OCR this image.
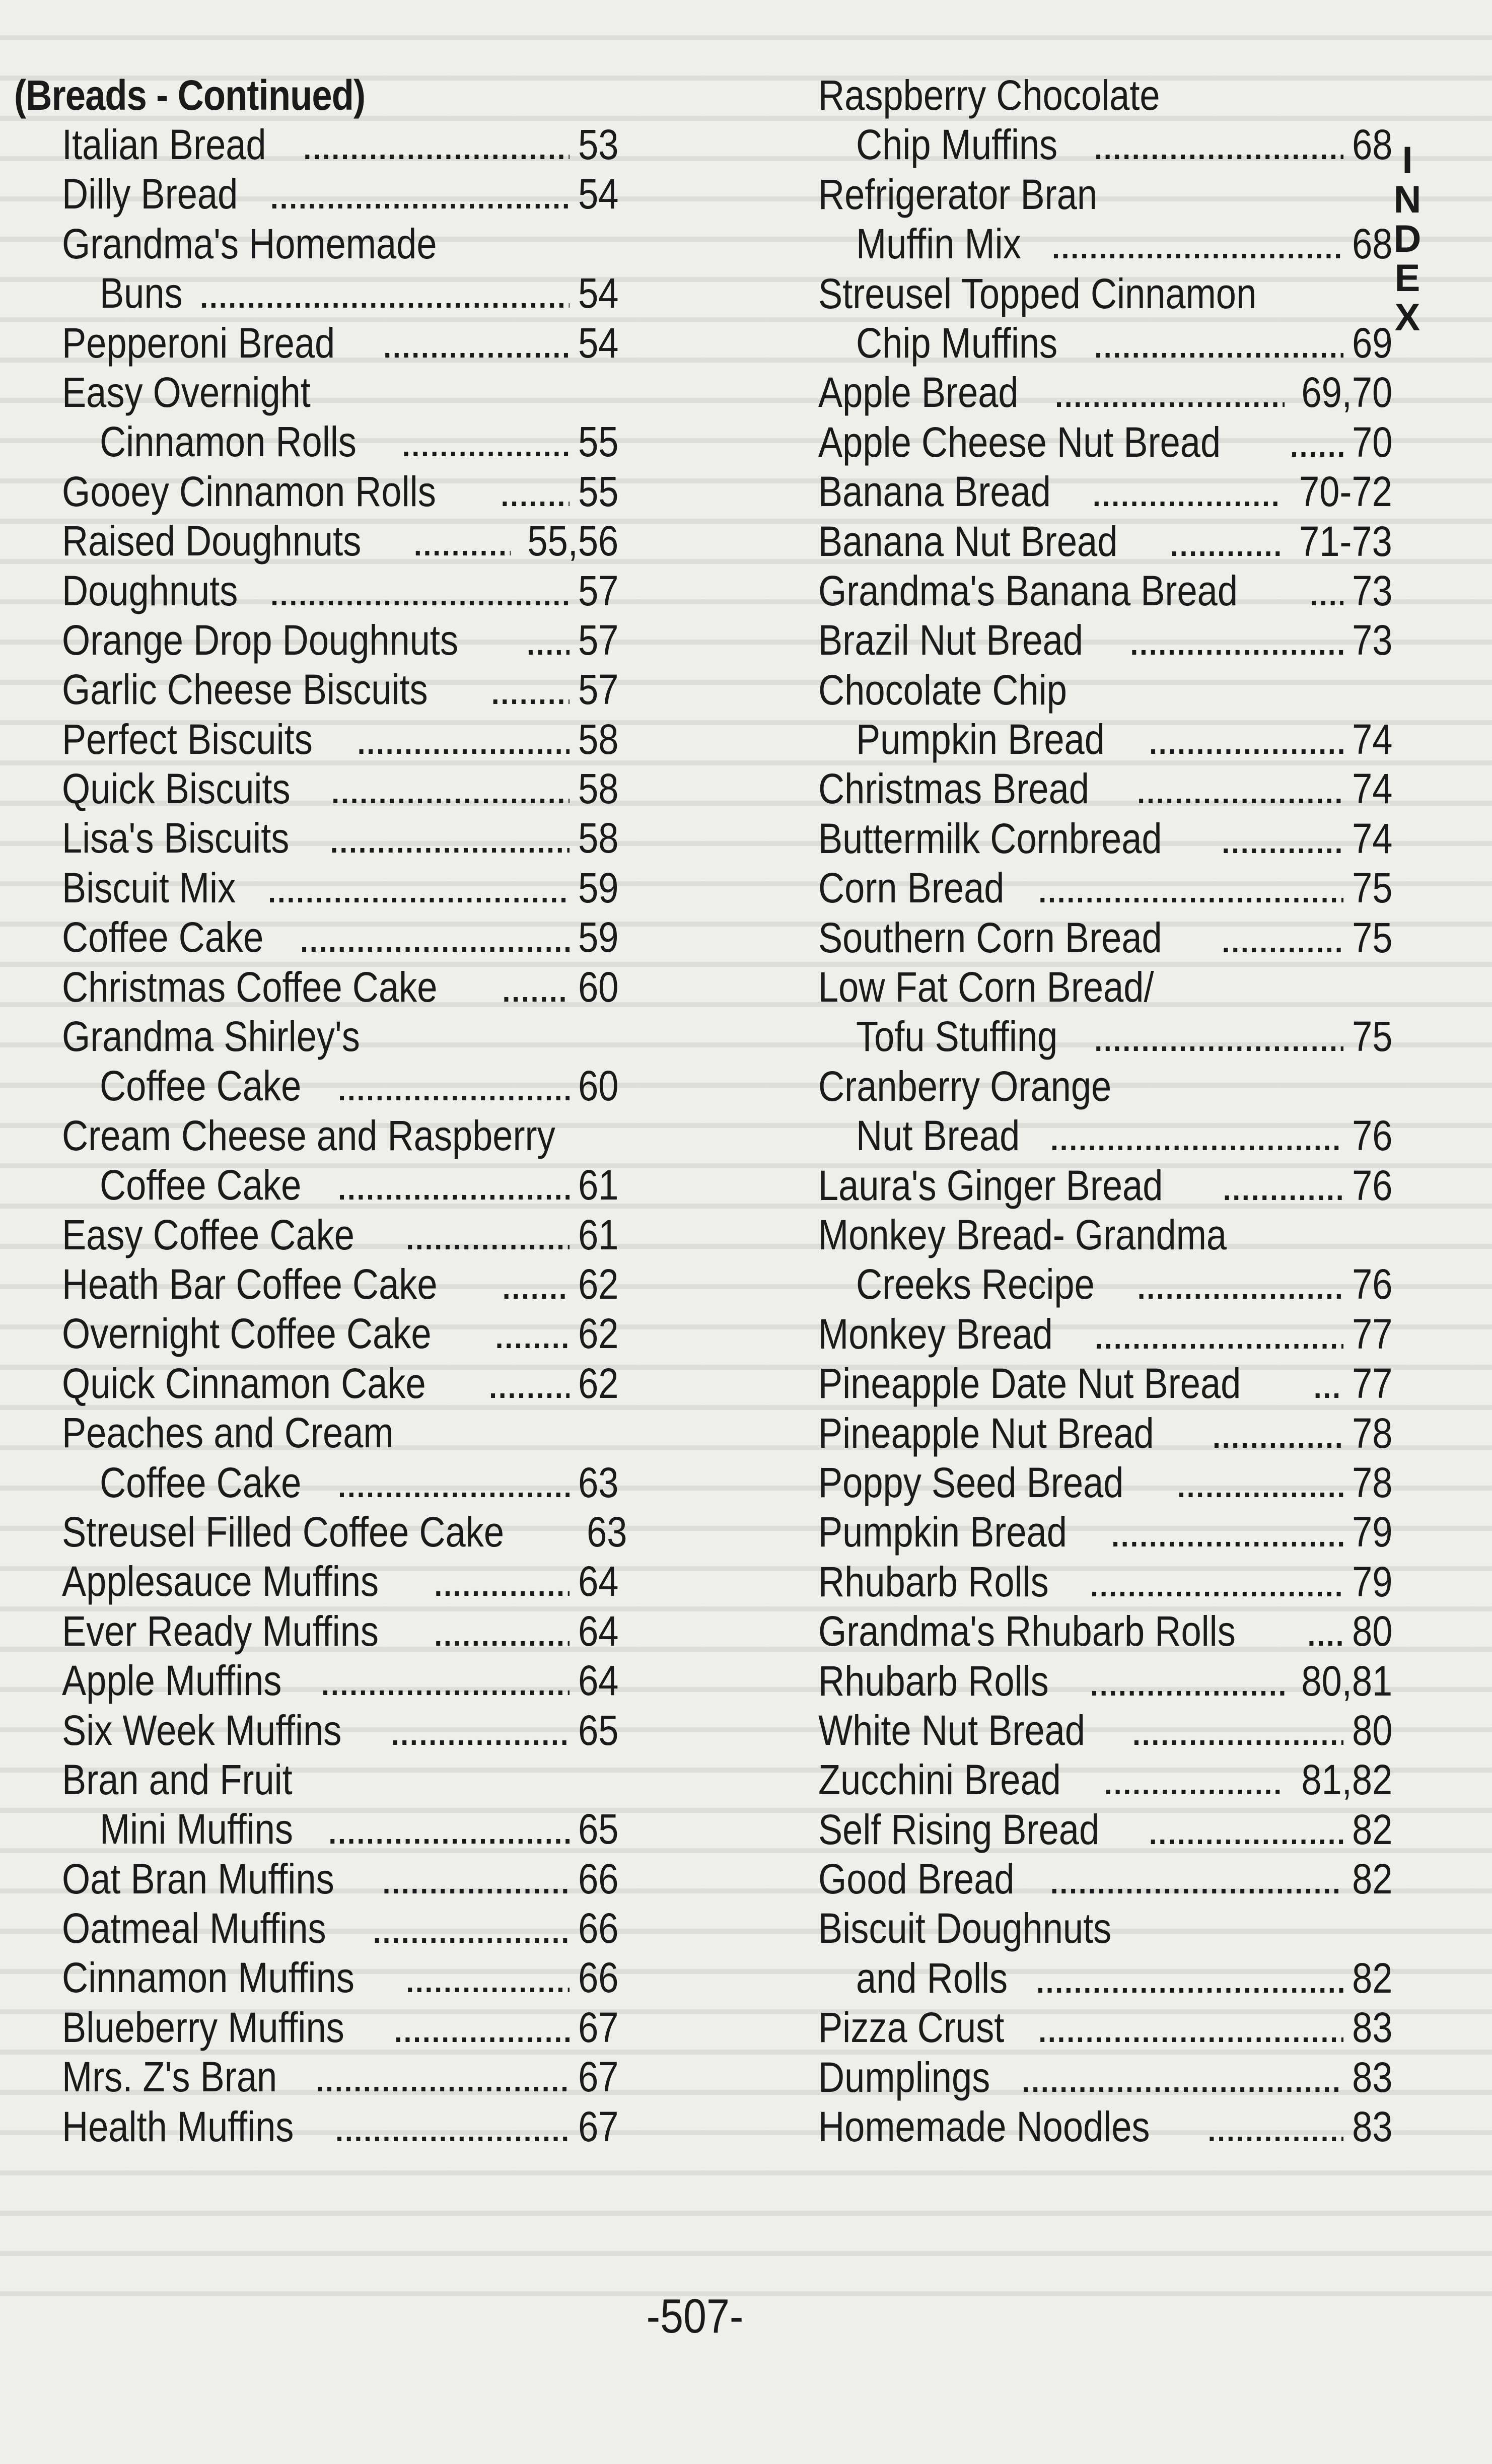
(Breads - Continued)
Italian Bread . . .	53
Dilly Bread . . .	54
Grandma's Homemade
Buns . . .	54
Pepperoni Bread . . .	54
Easy Overnight
Cinnamon Rolls . . .	55
Gooey Cinnamon Rolls . . .	55
Raised Doughnuts . . .	55,56
Doughnuts . . .	57
Orange Drop Doughnuts . . .	57
Garlic Cheese Biscuits . . .	57
Perfect Biscuits . . .	58
Quick Biscuits . . .	58
Lisa's Biscuits . . .	58
Biscuit Mix . . .	59
Coffee Cake . . .	59
Christmas Coffee Cake . . .	60
Grandma Shirley's
Coffee Cake . . .	60
Cream Cheese and Raspberry
Coffee Cake . . .	61
Easy Coffee Cake . . .	61
Heath Bar Coffee Cake . . .	62
Overnight Coffee Cake . . .	62
Quick Cinnamon Cake . . .	62
Peaches and Cream
Coffee Cake . . .	63
Streusel Filled Coffee Cake 63
Applesauce Muffins . . .	64
Ever Ready Muffins . . .	64
Apple Muffins . . .	64
Six Week Muffins . . .	65
Bran and Fruit
Mini Muffins . . .	65
Oat Bran Muffins . . .	66
Oatmeal Muffins . . .	66
Cinnamon Muffins . . .	66
Blueberry Muffins . . .	67
Mrs. Z's Bran . . .	67
Health Muffins . . .	67
Raspberry Chocolate
Chip Muffins . . .	68
Refrigerator Bran
Muffin Mix . . .	68
Streusel Topped Cinnamon
Chip Muffins . . .	69
Apple Bread . . .	69,70
Apple Cheese Nut Bread . . .	70
Banana Bread . . .	70-72
Banana Nut Bread . . .	71-73
Grandma's Banana Bread . . .	73
Brazil Nut Bread . . .	73
Chocolate Chip
Pumpkin Bread . . .	74
Christmas Bread . . .	74
Buttermilk Cornbread . . .	74
Corn Bread . . .	75
Southern Corn Bread . . .	75
Low Fat Corn Bread/
Tofu Stuffing . . .	75
Cranberry Orange
Nut Bread . . .	76
Laura's Ginger Bread . . .	76
Monkey Bread- Grandma
Creeks Recipe . . .	76
Monkey Bread . . .	77
Pineapple Date Nut Bread . . .	77
Pineapple Nut Bread . . .	78
Poppy Seed Bread . . .	78
Pumpkin Bread . . .	79
Rhubarb Rolls . . .	79
Grandma's Rhubarb Rolls . . .	80
Rhubarb Rolls . . .	80,81
White Nut Bread . . .	80
Zucchini Bread . . .	81,82
Self Rising Bread . . .	82
Good Bread . . .	82
Biscuit Doughnuts
and Rolls . . .	82
Pizza Crust . . .	83
Dumplings . . .	83
Homemade Noodles . . .	83
I
N
D
E
X
-507-
